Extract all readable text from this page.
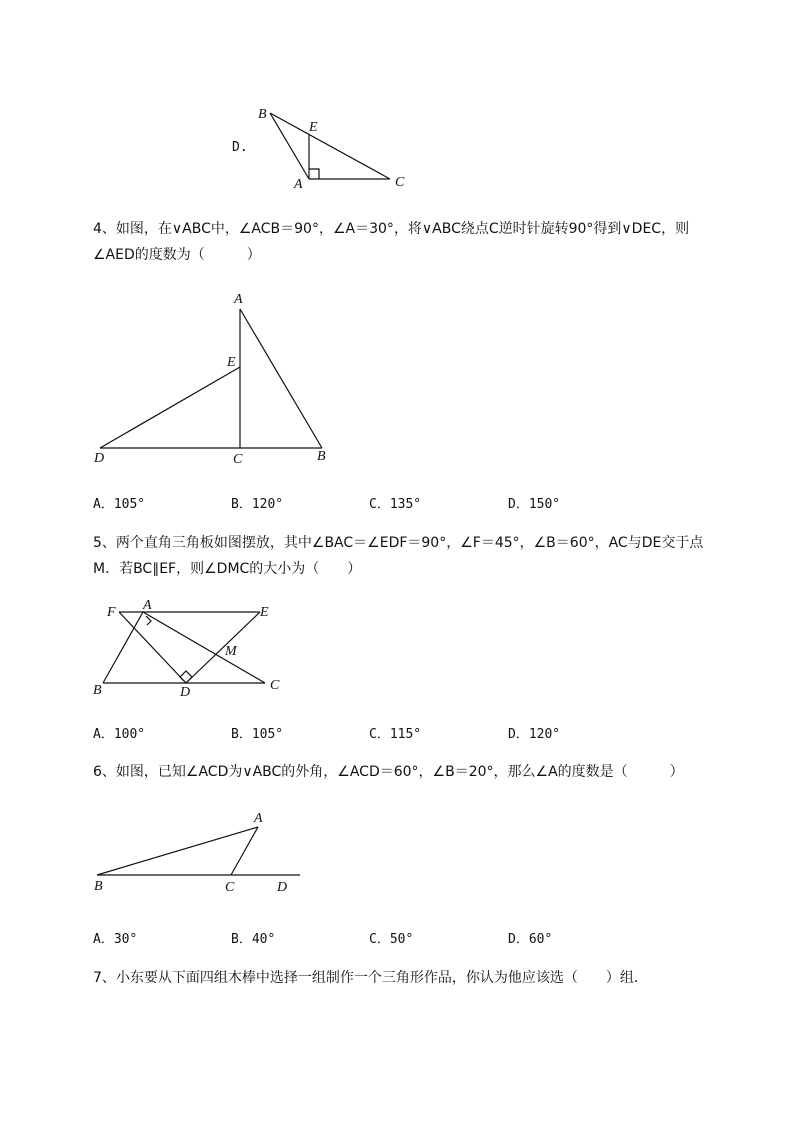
D.
B
E
A	C
4、如图，在∨ABC中，∠ACB＝90°，∠A＝30°，将∨ABC绕点C逆时针旋转90°得到∨DEC，则
∠AED的度数为（　　　）
A
E
D	C	B
A．105°	B．120°	C．135°	D．150°
5、两个直角三角板如图摆放，其中∠BAC＝∠EDF＝90°，∠F＝45°，∠B＝60°，AC与DE交于点
M．若BC∥EF，则∠DMC的大小为（　　）
F A	E
M
B	D	C
A．100°	B．105°	C．115°	D．120°
6、如图，已知∠ACD为∨ABC的外角，∠ACD＝60°，∠B＝20°，那么∠A的度数是（　　　）
A
B	C	D
A．30°	B．40°	C．50°	D．60°
7、小东要从下面四组木棒中选择一组制作一个三角形作品，你认为他应该选（　　）组．
